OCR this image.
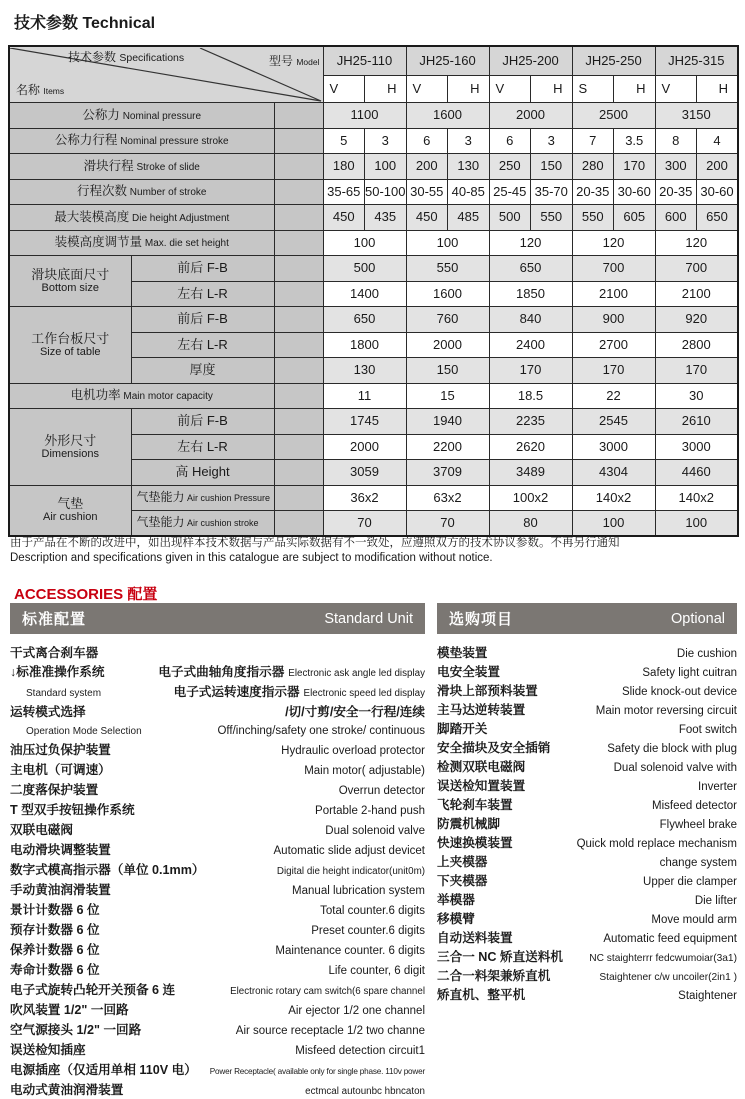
技术参数 Technical
技术参数 Specifications 型号 Model
名称 Items			JH25-110		JH25-160		JH25-200		JH25-250		JH25-315	
			V	H	V	H	V	H	S	H	V	H
公称力 Nominal pressure			1100		1600		2000		2500		3150	
公称力行程 Nominal pressure stroke			5	3	6	3	6	3	7	3.5	8	4
滑块行程 Stroke of slide			180	100	200	130	250	150	280	170	300	200
行程次数 Number of stroke			35-65	50-100	30-55	40-85	25-45	35-70	20-35	30-60	20-35	30-60
最大装模高度 Die height Adjustment			450	435	450	485	500	550	550	605	600	650
装模高度调节量 Max. die set height			100		100		120		120		120	

滑块底面尺寸
Bottom size	前后 F-B		500		550		650		700		700	
	左右 L-R		1400		1600		1850		2100		2100	

工作台板尺寸
Size of table	前后 F-B		650		760		840		900		920	
	左右 L-R		1800		2000		2400		2700		2800	
	厚度		130		150		170		170		170	
电机功率 Main motor capacity			11		15		18.5		22		30	

外形尺寸
Dimensions	前后 F-B		1745		1940		2235		2545		2610	
	左右 L-R		2000		2200		2620		3000		3000	
	高 Height		3059		3709		3489		4304		4460	

气垫
Air cushion	气垫能力 Air cushion Pressure		36x2		63x2		100x2		140x2		140x2	
	气垫能力 Air cushion stroke		70		70		80		100		100	
由于产品在不断的改进中，如出现样本技术数据与产品实际数据有不一致处，应遵照双方的技术协议参数。不再另行通知
Description and specifications given in this catalogue are subject to modification without notice.
ACCESSORIES 配置
标准配置	Standard Unit
干式离合刹车器
↓标准准操作系统	电子式曲轴角度指示器 Electronic ask angle led display
Standard system	电子式运转速度指示器 Electronic speed led display
运转模式选择	/切/寸剪/安全一行程/连续
Operation Mode Selection	Off/inching/safety one stroke/ continuous
油压过负保护装置	Hydraulic overload protector
主电机（可调速）	Main motor( adjustable)
二度落保护装置	Overrun detector
T 型双手按钮操作系统	Portable 2-hand push
双联电磁阀	Dual solenoid valve
电动滑块调整装置	Automatic slide adjust devicet
数字式模高指示器（单位 0.1mm）	Digital die height indicator(unit0m)
手动黄油润滑装置	Manual lubrication system
景计计数器 6 位	Total counter.6 digits
预存计数器 6 位	Preset counter.6 digits
保养计数器 6 位	Maintenance counter. 6 digits
寿命计数器 6 位	Life counter, 6 digit
电子式旋转凸轮开关预备 6 连	Electronic rotary cam switch(6 spare channel
吹风装置 1/2" 一回路	Air ejector 1/2 one channel
空气源接头 1/2" 一回路	Air source receptacle 1/2 two channe
误送检知插座	Misfeed detection circuit1
电源插座（仅适用单相 110V 电）	Power Receptacle( available only for single phase. 110v power
电动式黄油润滑装置	ectmcal autounbc hbncaton
选购项目	Optional
模垫装置	Die cushion
电安全装置	Safety light cuitran
滑块上部预料装置	Slide knock-out device
主马达逆转装置	Main motor reversing circuit
脚踏开关	Foot switch
安全描块及安全插销	Safety die block with plug
检测双联电磁阀	Dual solenoid valve with
误送检知置装置	Inverter
飞轮刹车装置	Misfeed detector
防震机械脚	Flywheel brake
快速换模装置	Quick mold replace mechanism
上夹模器	change system
下夹模器	Upper die clamper
举模器	Die lifter
移模臂	Move mould arm
自动送料装置	Automatic feed equipment
三合一 NC 矫直送料机	NC staighterrr fedcwumoiar(3a1)
二合一料架兼矫直机	Staightener c/w uncoiler(2in1 )
矫直机、整平机	Staightener
